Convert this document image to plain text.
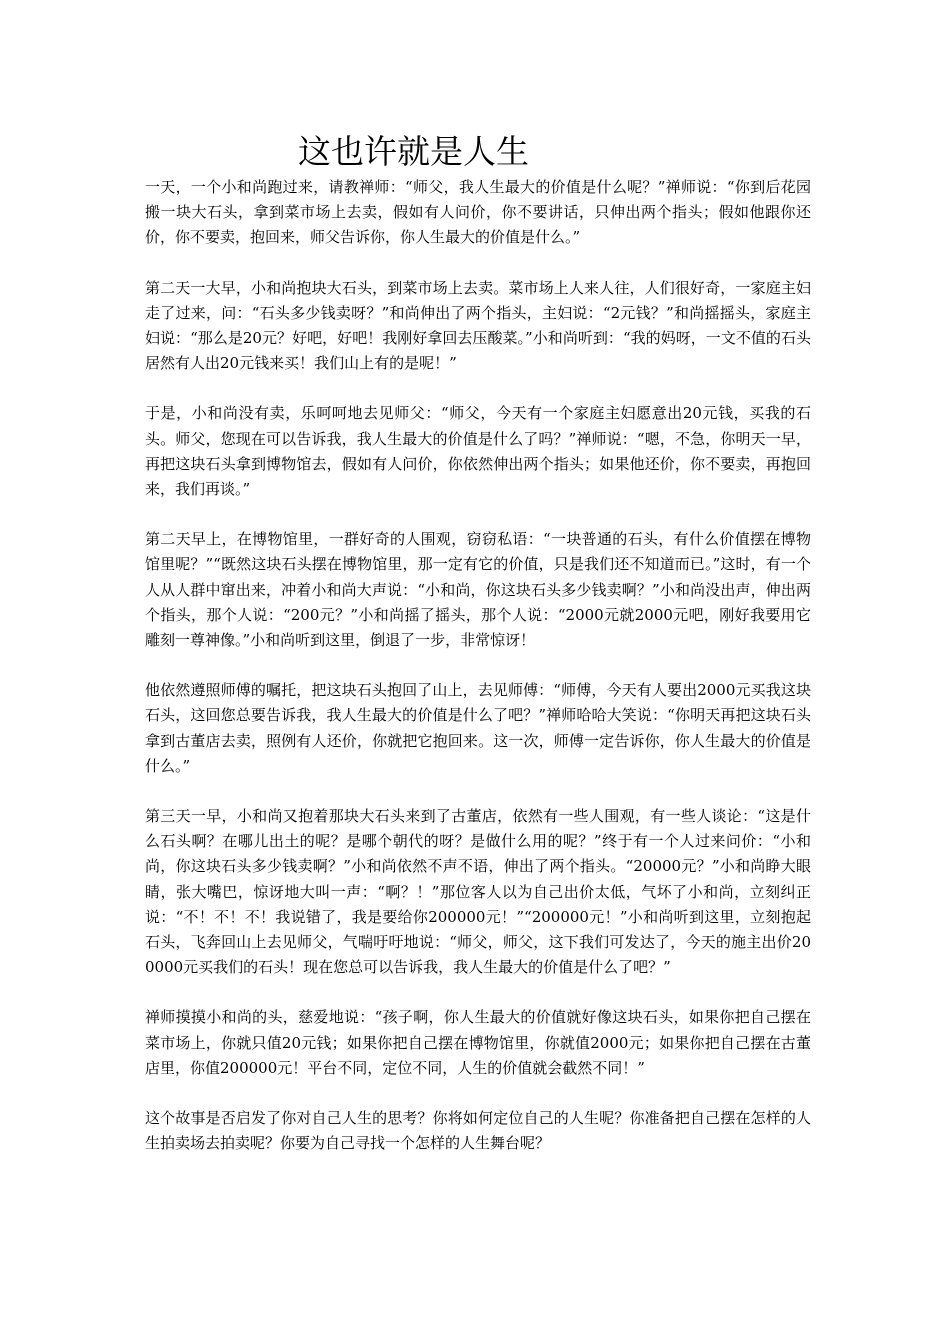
这也许就是人生

一天，一个小和尚跑过来，请教禅师：“师父，我人生最大的价值是什么呢？”禅师说：“你到后花园搬一块大石头，拿到菜市场上去卖，假如有人问价，你不要讲话，只伸出两个指头；假如他跟你还价，你不要卖，抱回来，师父告诉你，你人生最大的价值是什么。”

第二天一大早，小和尚抱块大石头，到菜市场上去卖。菜市场上人来人往，人们很好奇，一家庭主妇走了过来，问：“石头多少钱卖呀？”和尚伸出了两个指头，主妇说：“2元钱？”和尚摇摇头，家庭主妇说：“那么是20元？好吧，好吧！我刚好拿回去压酸菜。”小和尚听到：“我的妈呀，一文不值的石头居然有人出20元钱来买！我们山上有的是呢！”

于是，小和尚没有卖，乐呵呵地去见师父：“师父，今天有一个家庭主妇愿意出20元钱，买我的石头。师父，您现在可以告诉我，我人生最大的价值是什么了吗？”禅师说：“嗯，不急，你明天一早，再把这块石头拿到博物馆去，假如有人问价，你依然伸出两个指头；如果他还价，你不要卖，再抱回来，我们再谈。”

第二天早上，在博物馆里，一群好奇的人围观，窃窃私语：“一块普通的石头，有什么价值摆在博物馆里呢？”“既然这块石头摆在博物馆里，那一定有它的价值，只是我们还不知道而已。”这时，有一个人从人群中窜出来，冲着小和尚大声说：“小和尚，你这块石头多少钱卖啊？”小和尚没出声，伸出两个指头，那个人说：“200元？”小和尚摇了摇头，那个人说：“2000元就2000元吧，刚好我要用它雕刻一尊神像。”小和尚听到这里，倒退了一步，非常惊讶！

他依然遵照师傅的嘱托，把这块石头抱回了山上，去见师傅：“师傅，今天有人要出2000元买我这块石头，这回您总要告诉我，我人生最大的价值是什么了吧？”禅师哈哈大笑说：“你明天再把这块石头拿到古董店去卖，照例有人还价，你就把它抱回来。这一次，师傅一定告诉你，你人生最大的价值是什么。”

第三天一早，小和尚又抱着那块大石头来到了古董店，依然有一些人围观，有一些人谈论：“这是什么石头啊？在哪儿出土的呢？是哪个朝代的呀？是做什么用的呢？”终于有一个人过来问价：“小和尚，你这块石头多少钱卖啊？”小和尚依然不声不语，伸出了两个指头。“20000元？”小和尚睁大眼睛，张大嘴巴，惊讶地大叫一声：“啊？！”那位客人以为自己出价太低，气坏了小和尚，立刻纠正说：“不！不！不！我说错了，我是要给你200000元！”“200000元！”小和尚听到这里，立刻抱起石头，飞奔回山上去见师父，气喘吁吁地说：“师父，师父，这下我们可发达了，今天的施主出价200000元买我们的石头！现在您总可以告诉我，我人生最大的价值是什么了吧？”

禅师摸摸小和尚的头，慈爱地说：“孩子啊，你人生最大的价值就好像这块石头，如果你把自己摆在菜市场上，你就只值20元钱；如果你把自己摆在博物馆里，你就值2000元；如果你把自己摆在古董店里，你值200000元！平台不同，定位不同，人生的价值就会截然不同！”

这个故事是否启发了你对自己人生的思考？你将如何定位自己的人生呢？你准备把自己摆在怎样的人生拍卖场去拍卖呢？你要为自己寻找一个怎样的人生舞台呢？
